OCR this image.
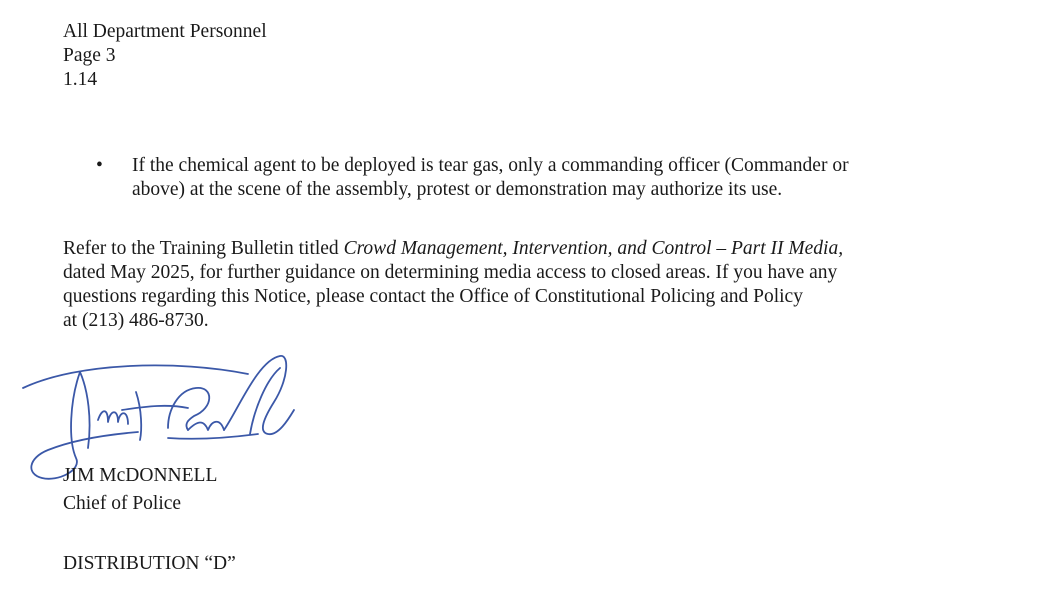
All Department Personnel
Page 3
1.14
•	If the chemical agent to be deployed is tear gas, only a commanding officer (Commander or
above) at the scene of the assembly, protest or demonstration may authorize its use.
Refer to the Training Bulletin titled Crowd Management, Intervention, and Control – Part II Media,
dated May 2025, for further guidance on determining media access to closed areas. If you have any
questions regarding this Notice, please contact the Office of Constitutional Policing and Policy
at (213) 486-8730.
JIM McDONNELL
Chief of Police
DISTRIBUTION “D”
